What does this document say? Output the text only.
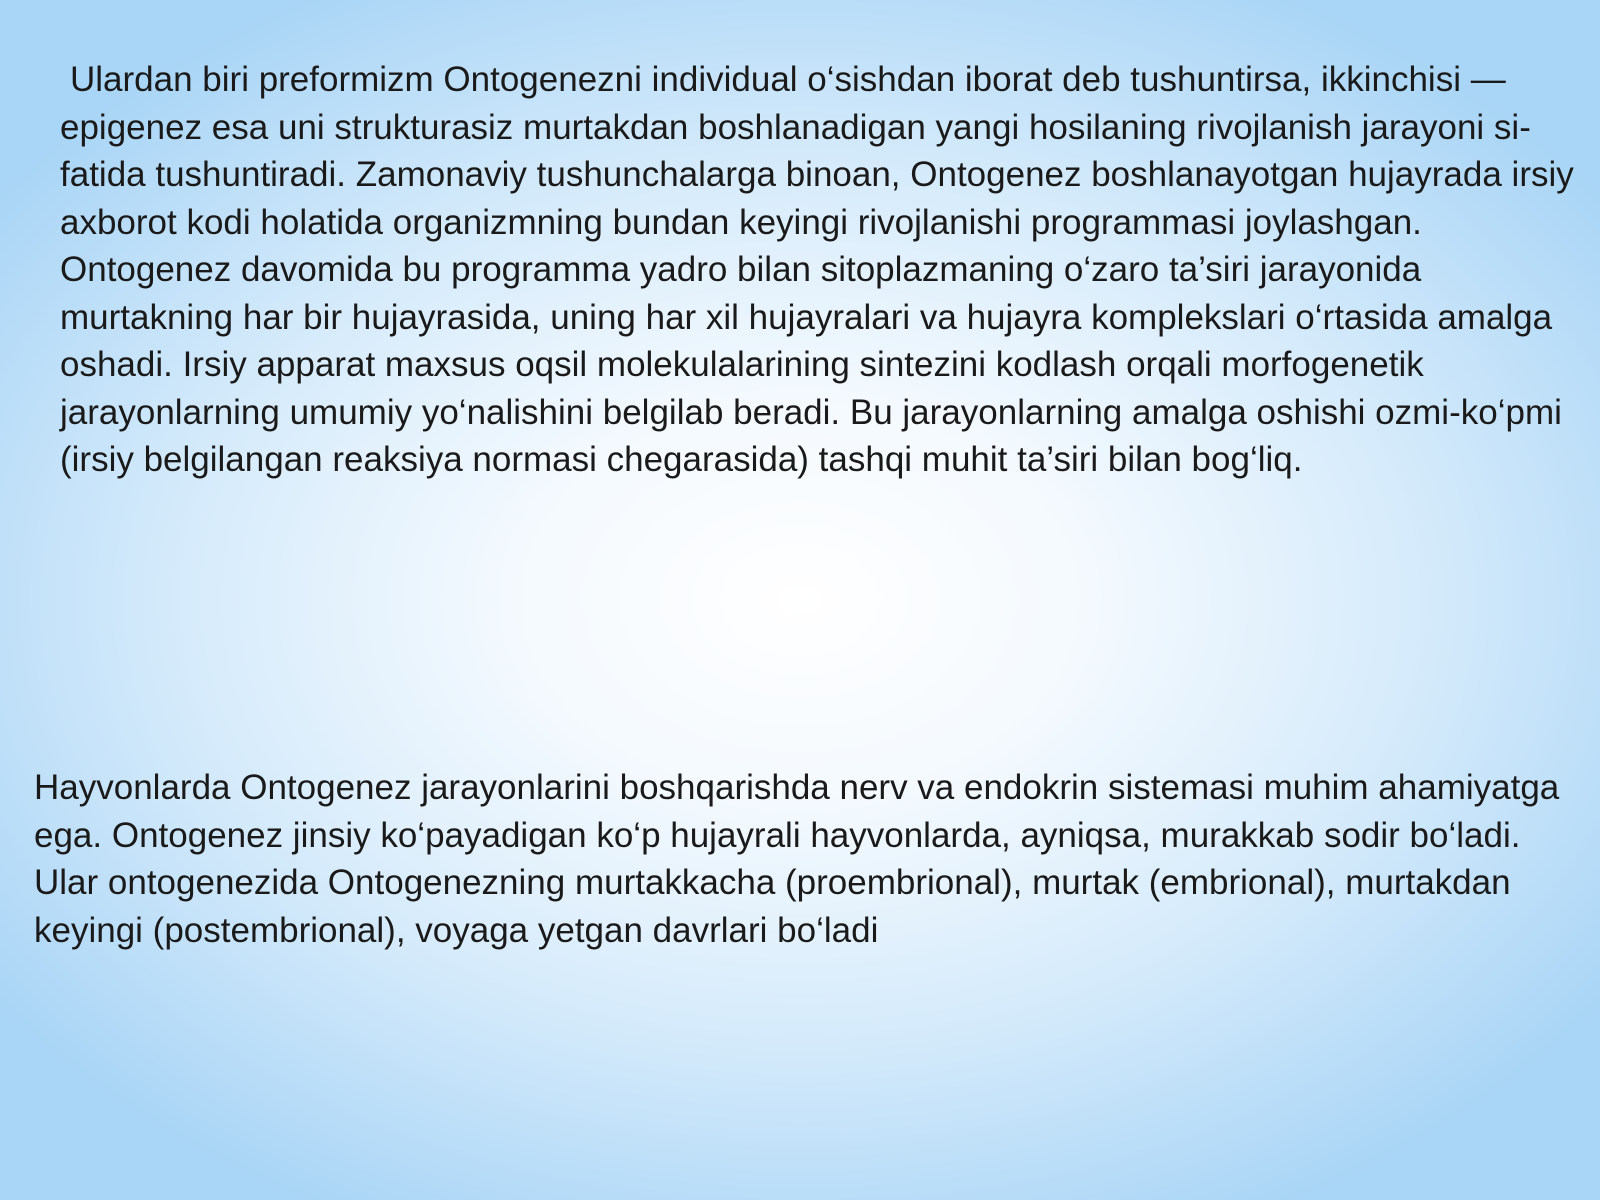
Ulardan biri preformizm Ontogenezni individual o‘sishdan iborat deb tushuntirsa, ikkinchisi — epigenez esa uni strukturasiz murtakdan boshlanadigan yangi hosilaning rivojlanish jarayoni si-fatida tushuntiradi. Zamonaviy tushunchalarga binoan, Ontogenez boshlanayotgan hujayrada irsiy axborot kodi holatida organizmning bundan keyingi rivojlanishi programmasi joylashgan. Ontogenez davomida bu programma yadro bilan sitoplazmaning o‘zaro ta’siri jarayonida murtakning har bir hujayrasida, uning har xil hujayralari va hujayra komplekslari o‘rtasida amalga oshadi. Irsiy apparat maxsus oqsil molekulalarining sintezini kodlash orqali morfogenetik jarayonlarning umumiy yo‘nalishini belgilab beradi. Bu jarayonlarning amalga oshishi ozmi-ko‘pmi (irsiy belgilangan reaksiya normasi chegarasida) tashqi muhit ta’siri bilan bog‘liq.

Hayvonlarda Ontogenez jarayonlarini boshqarishda nerv va endokrin sistemasi muhim ahamiyatga ega. Ontogenez jinsiy ko‘payadigan ko‘p hujayrali hayvonlarda, ayniqsa, murakkab sodir bo‘ladi. Ular ontogenezida Ontogenezning murtakkacha (proembrional), murtak (embrional), murtakdan keyingi (postembrional), voyaga yetgan davrlari bo‘ladi
